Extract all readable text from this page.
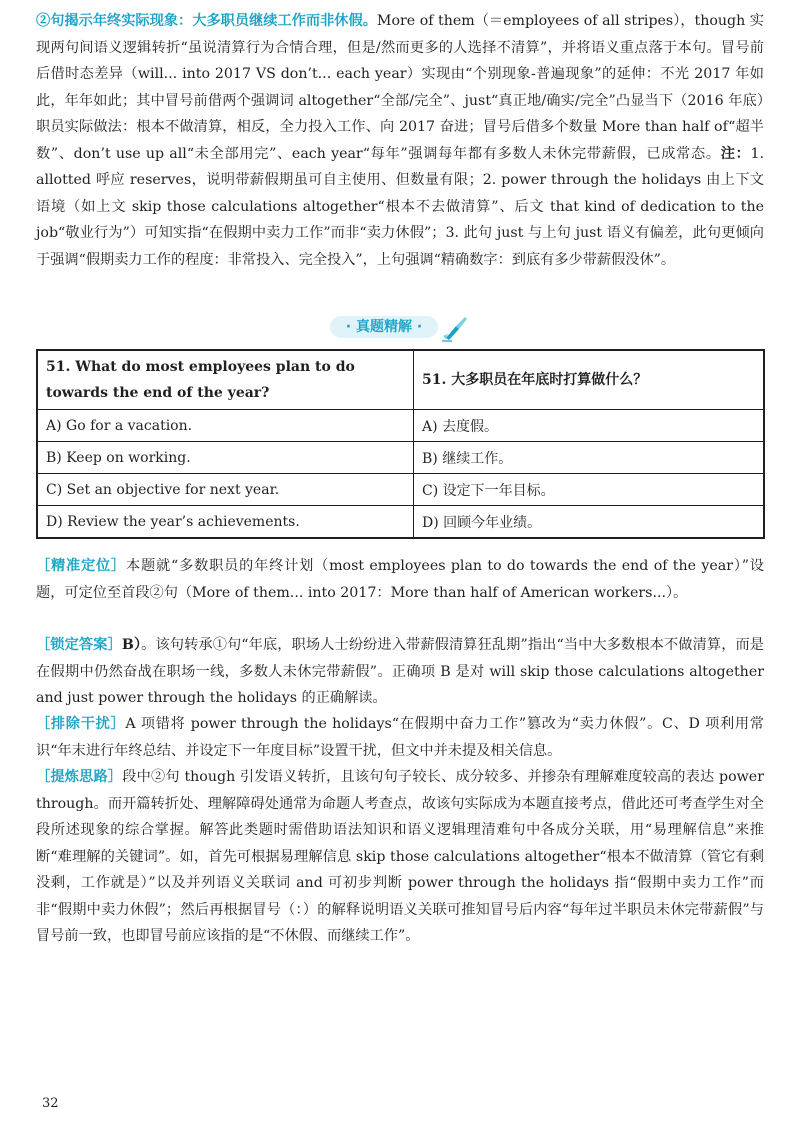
②句揭示年终实际现象：大多职员继续工作而非休假。More of them（＝employees of all stripes），though 实现两句间语义逻辑转折“虽说清算行为合情合理，但是/然而更多的人选择不清算”，并将语义重点落于本句。冒号前后借时态差异（will... into 2017 VS don’t... each year）实现由“个别现象-普遍现象”的延伸：不光 2017 年如此，年年如此；其中冒号前借两个强调词 altogether“全部/完全”、just“真正地/确实/完全”凸显当下（2016 年底）职员实际做法：根本不做清算，相反，全力投入工作、向 2017 奋进；冒号后借多个数量 More than half of“超半数”、don’t use up all“未全部用完”、each year“每年”强调每年都有多数人未休完带薪假，已成常态。注：1. allotted 呼应 reserves，说明带薪假期虽可自主使用、但数量有限；2. power through the holidays 由上下文语境（如上文 skip those calculations altogether“根本不去做清算”、后文 that kind of dedication to the job“敬业行为”）可知实指“在假期中卖力工作”而非“卖力休假”；3. 此句 just 与上句 just 语义有偏差，此句更倾向于强调“假期卖力工作的程度：非常投入、完全投入”，上句强调“精确数字：到底有多少带薪假没休”。

· 真题精解 ·
51. What do most employees plan to do towards the end of the year?	51. 大多职员在年底时打算做什么？
A) Go for a vacation.	A) 去度假。
B) Keep on working.	B) 继续工作。
C) Set an objective for next year.	C) 设定下一年目标。
D) Review the year’s achievements.	D) 回顾今年业绩。

［精准定位］本题就“多数职员的年终计划（most employees plan to do towards the end of the year）”设题，可定位至首段②句（More of them... into 2017：More than half of American workers...）。

［锁定答案］B）。该句转承①句“年底，职场人士纷纷进入带薪假清算狂乱期”指出“当中大多数根本不做清算，而是在假期中仍然奋战在职场一线，多数人未休完带薪假”。正确项 B 是对 will skip those calculations altogether and just power through the holidays 的正确解读。

［排除干扰］A 项错将 power through the holidays“在假期中奋力工作”篡改为“卖力休假”。C、D 项利用常识“年末进行年终总结、并设定下一年度目标”设置干扰，但文中并未提及相关信息。

［提炼思路］段中②句 though 引发语义转折，且该句句子较长、成分较多、并掺杂有理解难度较高的表达 power through。而开篇转折处、理解障碍处通常为命题人考查点，故该句实际成为本题直接考点，借此还可考查学生对全段所述现象的综合掌握。解答此类题时需借助语法知识和语义逻辑理清难句中各成分关联，用“易理解信息”来推断“难理解的关键词”。如，首先可根据易理解信息 skip those calculations altogether“根本不做清算（管它有剩没剩，工作就是）”以及并列语义关联词 and 可初步判断 power through the holidays 指“假期中卖力工作”而非“假期中卖力休假”；然后再根据冒号（：）的解释说明语义关联可推知冒号后内容“每年过半职员未休完带薪假”与冒号前一致，也即冒号前应该指的是“不休假、而继续工作”。

32
